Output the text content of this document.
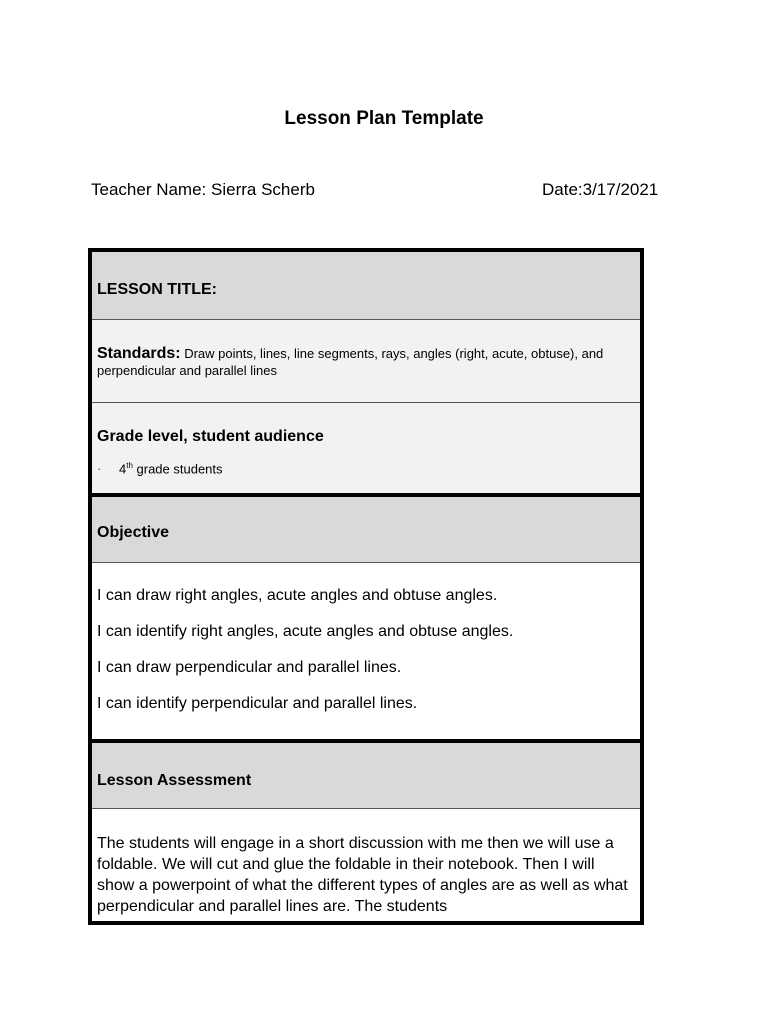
Lesson Plan Template
Teacher Name: Sierra Scherb	Date:3/17/2021
LESSON TITLE:
Standards: Draw points, lines, line segments, rays, angles (right, acute, obtuse), and perpendicular and parallel lines
Grade level, student audience
· 4th grade students
Objective
I can draw right angles, acute angles and obtuse angles.
I can identify right angles, acute angles and obtuse angles.
I can draw perpendicular and parallel lines.
I can identify perpendicular and parallel lines.
Lesson Assessment
The students will engage in a short discussion with me then we will use a foldable. We will cut and glue the foldable in their notebook. Then I will show a powerpoint of what the different types of angles are as well as what perpendicular and parallel lines are. The students
